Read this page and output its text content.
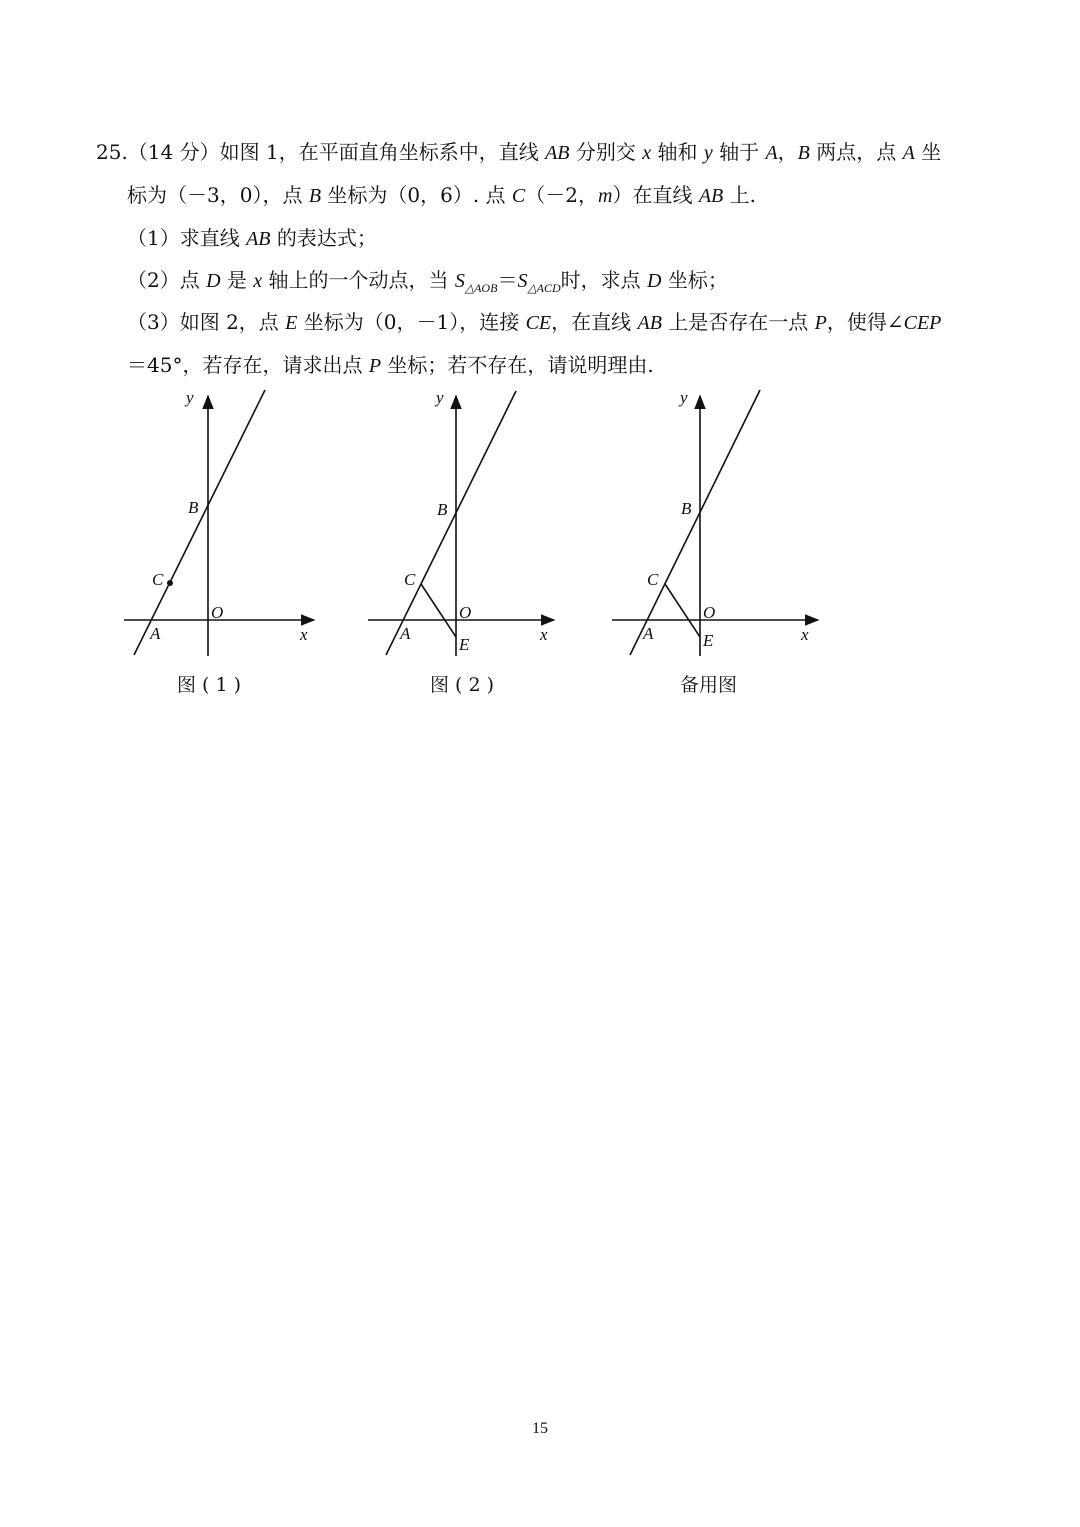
25.（14 分）如图 1，在平面直角坐标系中，直线 AB 分别交 x 轴和 y 轴于 A，B 两点，点 A 坐
标为（－3，0），点 B 坐标为（0，6）. 点 C（－2，m）在直线 AB 上.
（1）求直线 AB 的表达式；
（2）点 D 是 x 轴上的一个动点，当 $S_{\triangle AOB}=S_{\triangle ACD}$时，求点 D 坐标；
（3）如图 2，点 E 坐标为（0，－1），连接 CE，在直线 AB 上是否存在一点 P，使得∠CEP
＝45°，若存在，请求出点 P 坐标；若不存在，请说明理由.
y
x
O
A
B
C
图 ( 1 )
y
x
O
A
B
C
E
图 ( 2 )
y
x
O
A
B
C
E
备用图
15
